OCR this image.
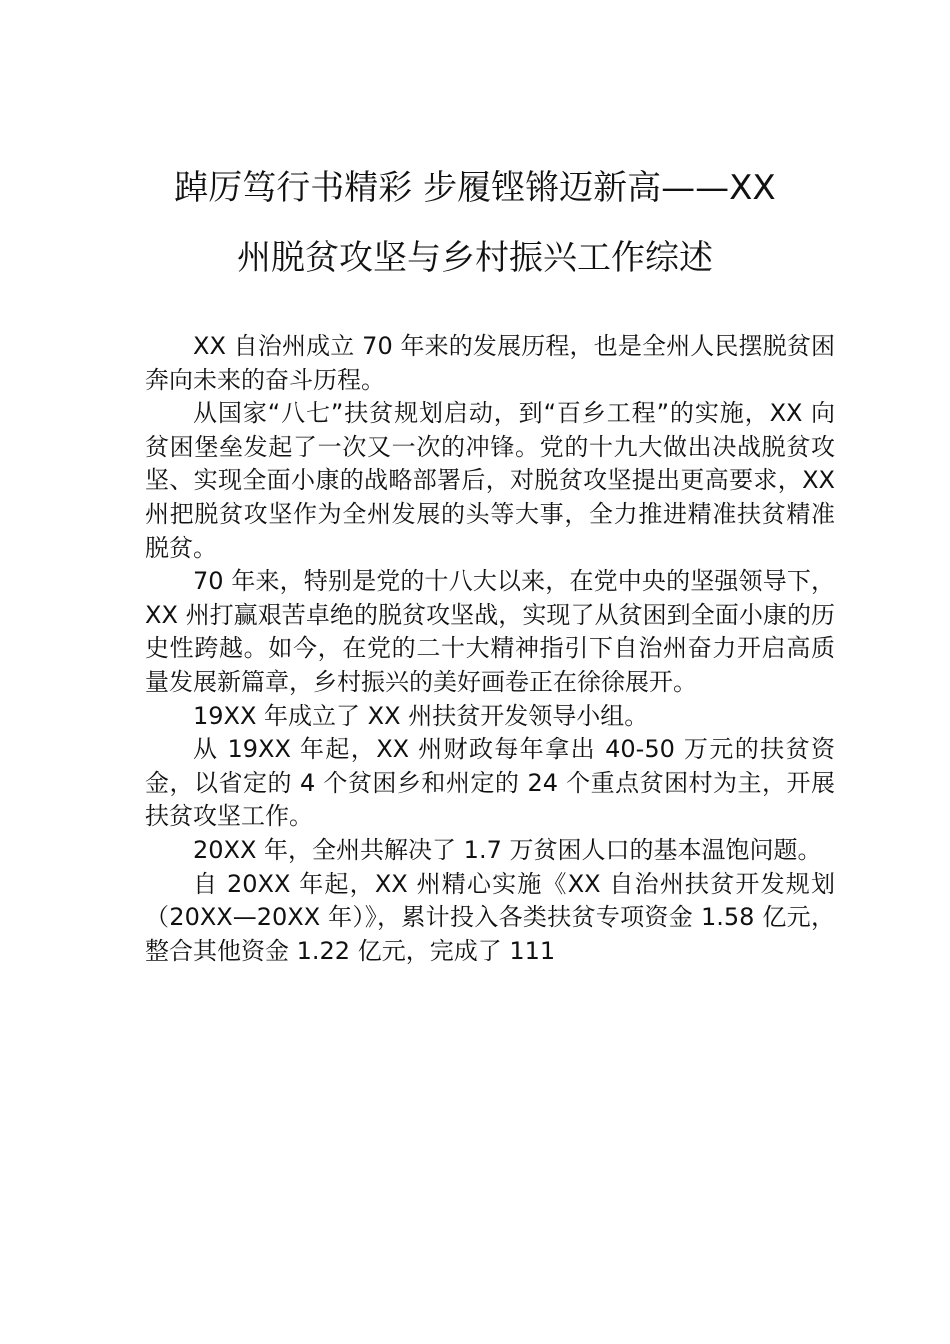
踔厉笃行书精彩 步履铿锵迈新高——XX
州脱贫攻坚与乡村振兴工作综述

XX 自治州成立 70 年来的发展历程，也是全州人民摆脱贫困奔向未来的奋斗历程。

从国家“八七”扶贫规划启动，到“百乡工程”的实施，XX 向贫困堡垒发起了一次又一次的冲锋。党的十九大做出决战脱贫攻坚、实现全面小康的战略部署后，对脱贫攻坚提出更高要求，XX 州把脱贫攻坚作为全州发展的头等大事，全力推进精准扶贫精准脱贫。

70 年来，特别是党的十八大以来，在党中央的坚强领导下，XX 州打赢艰苦卓绝的脱贫攻坚战，实现了从贫困到全面小康的历史性跨越。如今，在党的二十大精神指引下自治州奋力开启高质量发展新篇章，乡村振兴的美好画卷正在徐徐展开。

19XX 年成立了 XX 州扶贫开发领导小组。

从 19XX 年起，XX 州财政每年拿出 40-50 万元的扶贫资金，以省定的 4 个贫困乡和州定的 24 个重点贫困村为主，开展扶贫攻坚工作。

20XX 年，全州共解决了 1.7 万贫困人口的基本温饱问题。

自 20XX 年起，XX 州精心实施《XX 自治州扶贫开发规划（20XX—20XX 年）》，累计投入各类扶贫专项资金 1.58 亿元，整合其他资金 1.22 亿元，完成了 111
